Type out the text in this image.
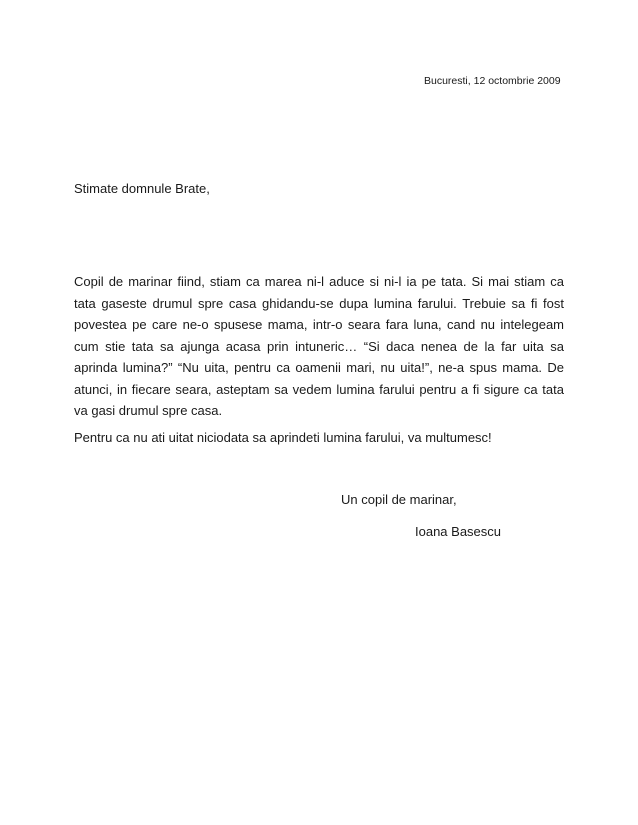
Bucuresti, 12 octombrie 2009
Stimate domnule Brate,

Copil de marinar fiind, stiam ca marea ni-l aduce si ni-l ia pe tata. Si mai stiam ca tata gaseste drumul spre casa ghidandu-se dupa lumina farului. Trebuie sa fi fost povestea pe care ne-o spusese mama, intr-o seara fara luna, cand nu intelegeam cum stie tata sa ajunga acasa prin intuneric… “Si daca nenea de la far uita sa aprinda lumina?” “Nu uita, pentru ca oamenii mari, nu uita!”, ne-a spus mama. De atunci, in fiecare seara, asteptam sa vedem lumina farului pentru a fi sigure ca tata va gasi drumul spre casa.

Pentru ca nu ati uitat niciodata sa aprindeti lumina farului, va multumesc!

Un copil de marinar,
Ioana Basescu
